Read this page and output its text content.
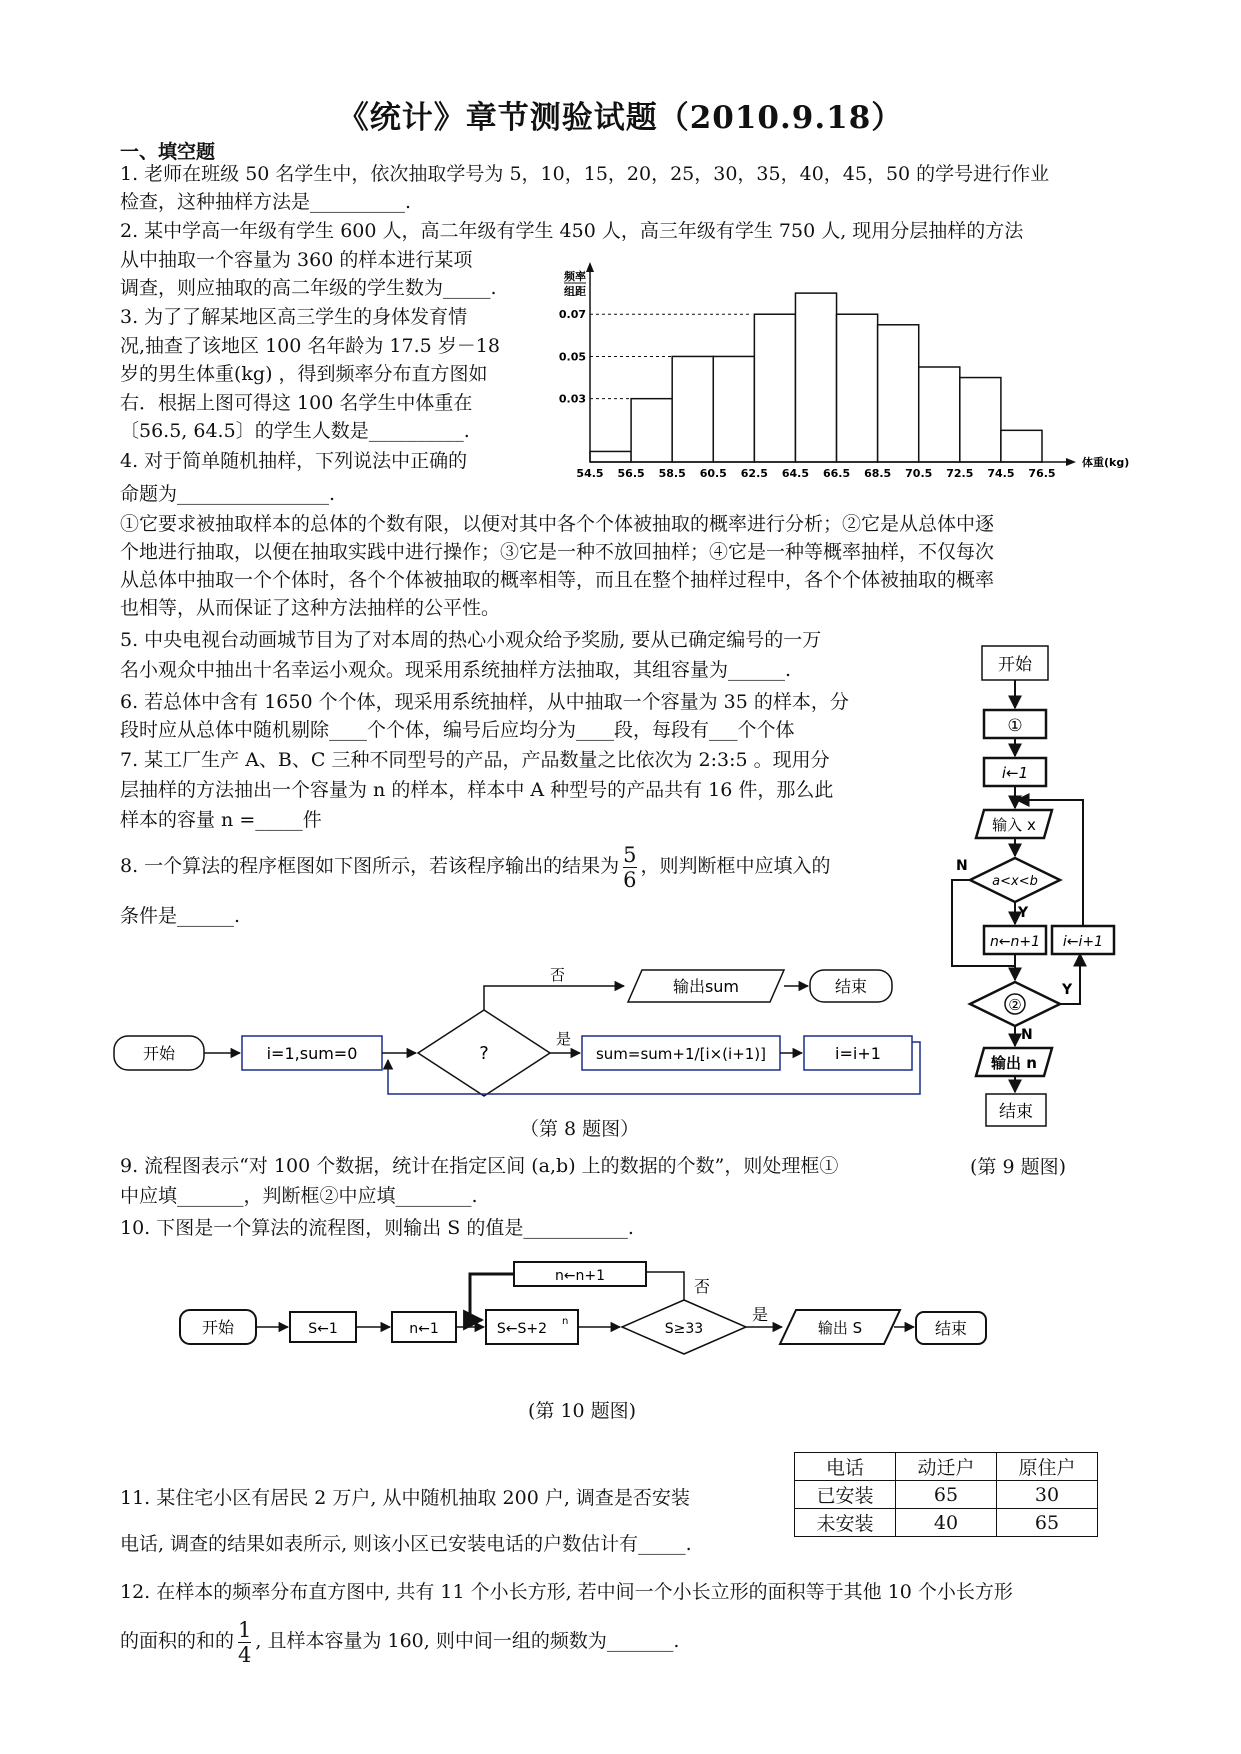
《统计》章节测验试题（2010.9.18）
一、填空题
1. 老师在班级 50 名学生中，依次抽取学号为 5，10，15，20，25，30，35，40，45，50 的学号进行作业
检查，这种抽样方法是__________.
2. 某中学高一年级有学生 600 人，高二年级有学生 450 人，高三年级有学生 750 人, 现用分层抽样的方法
从中抽取一个容量为 360 的样本进行某项
调查，则应抽取的高二年级的学生数为_____.
3. 为了了解某地区高三学生的身体发育情
况,抽查了该地区 100 名年龄为 17.5 岁－18
岁的男生体重(kg) ，得到频率分布直方图如
右．根据上图可得这 100 名学生中体重在
〔56.5, 64.5〕的学生人数是__________.
4. 对于简单随机抽样，下列说法中正确的
命题为________________.
①它要求被抽取样本的总体的个数有限，以便对其中各个个体被抽取的概率进行分析；②它是从总体中逐
个地进行抽取，以便在抽取实践中进行操作；③它是一种不放回抽样；④它是一种等概率抽样，不仅每次
从总体中抽取一个个体时，各个个体被抽取的概率相等，而且在整个抽样过程中，各个个体被抽取的概率
也相等，从而保证了这种方法抽样的公平性。
5. 中央电视台动画城节目为了对本周的热心小观众给予奖励, 要从已确定编号的一万
名小观众中抽出十名幸运小观众。现采用系统抽样方法抽取，其组容量为______.
6. 若总体中含有 1650 个个体，现采用系统抽样，从中抽取一个容量为 35 的样本，分
段时应从总体中随机剔除____个个体，编号后应均分为____段，每段有___个个体
7. 某工厂生产 A、B、C 三种不同型号的产品，产品数量之比依次为 2:3:5 。现用分
层抽样的方法抽出一个容量为 n 的样本，样本中 A 种型号的产品共有 16 件，那么此
样本的容量 n =_____件
8. 一个算法的程序框图如下图所示，若该程序输出的结果为 $\frac{5}{6}$ ，则判断框中应填入的
条件是______.
0.07
0.05
0.03
频率
组距
54.5 56.5 58.5 60.5 62.5 64.5 66.5 68.5 70.5 72.5 74.5 76.5
体重(kg)
开始	i=1,sum=0	?
否
输出sum	结束
是
sum=sum+1/[i×(i+1)]	i=i+1
（第 8 题图）
开始
①
i←1
输入 x
a<x<b
Y
N
n←n+1
②
Y
N
i←i+1
输出 n
结束
9. 流程图表示“对 100 个数据，统计在指定区间 (a,b) 上的数据的个数”，则处理框①	(第 9 题图)
中应填_______，判断框②中应填________.
10. 下图是一个算法的流程图，则输出 S 的值是___________.
开始	S←1	n←1	S←S+2 n	S≥33
否
n←n+1
是
输出 S	结束
(第 10 题图)
电话	动迁户	原住户
已安装	65	30
未安装	40	65
11. 某住宅小区有居民 2 万户, 从中随机抽取 200 户, 调查是否安装
电话, 调查的结果如表所示, 则该小区已安装电话的户数估计有_____.
12. 在样本的频率分布直方图中, 共有 11 个小长方形, 若中间一个小长立形的面积等于其他 10 个小长方形
的面积的和的 $\frac{1}{4}$ , 且样本容量为 160, 则中间一组的频数为_______.
